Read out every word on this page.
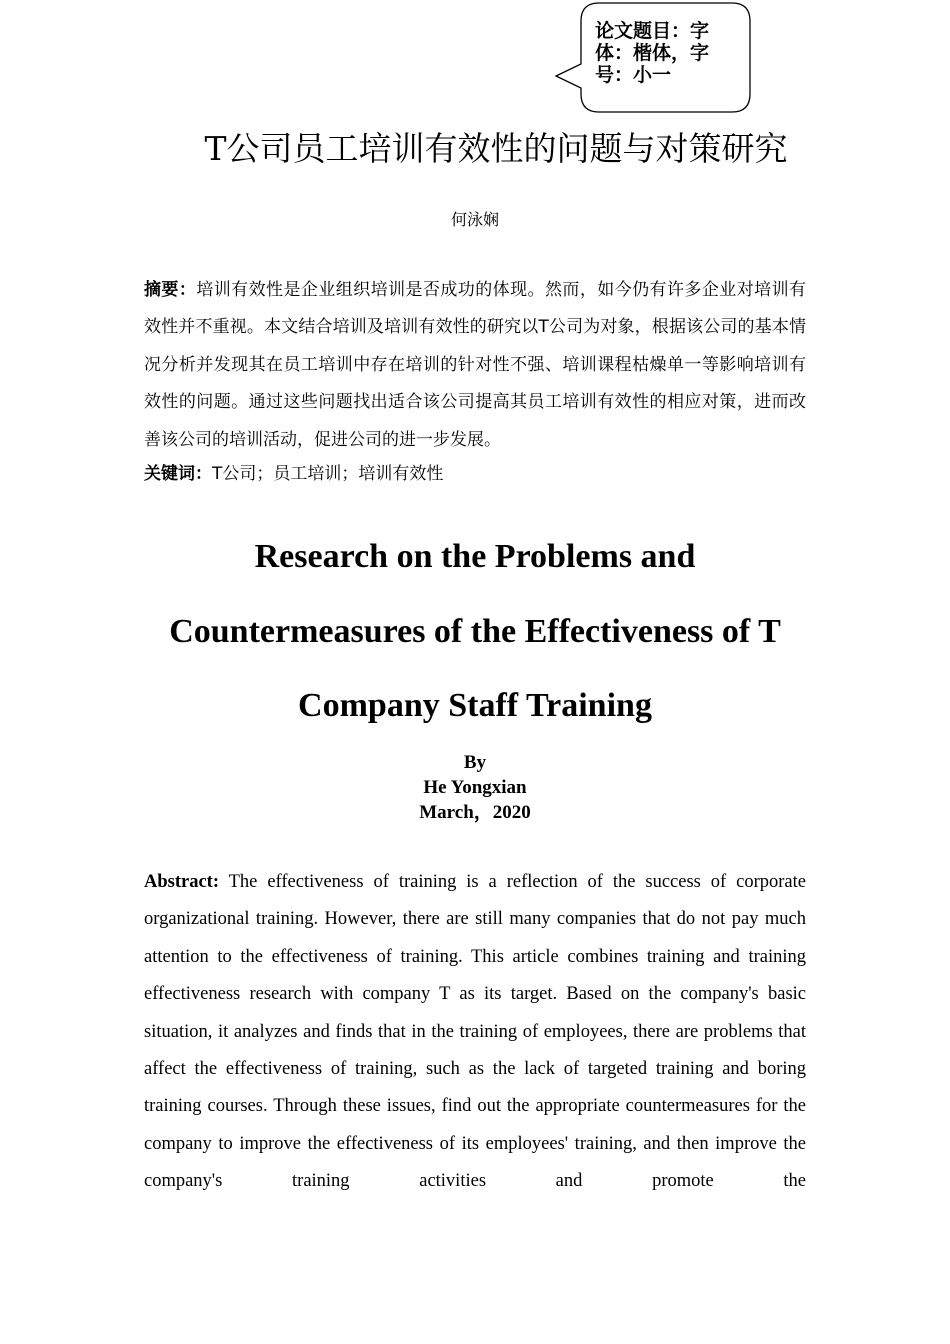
论文题目：字体：楷体，字号：小一
T公司员工培训有效性的问题与对策研究
何泳娴
摘要：培训有效性是企业组织培训是否成功的体现。然而，如今仍有许多企业对培训有效性并不重视。本文结合培训及培训有效性的研究以T公司为对象，根据该公司的基本情况分析并发现其在员工培训中存在培训的针对性不强、培训课程枯燥单一等影响培训有效性的问题。通过这些问题找出适合该公司提高其员工培训有效性的相应对策，进而改善该公司的培训活动，促进公司的进一步发展。
关键词：T公司；员工培训；培训有效性
Research on the Problems and Countermeasures of the Effectiveness of T Company Staff Training
By
He Yongxian
March，2020
Abstract: The effectiveness of training is a reflection of the success of corporate organizational training. However, there are still many companies that do not pay much attention to the effectiveness of training. This article combines training and training effectiveness research with company T as its target. Based on the company's basic situation, it analyzes and finds that in the training of employees, there are problems that affect the effectiveness of training, such as the lack of targeted training and boring training courses. Through these issues, find out the appropriate countermeasures for the company to improve the effectiveness of its employees' training, and then improve the company's training activities and promote the
